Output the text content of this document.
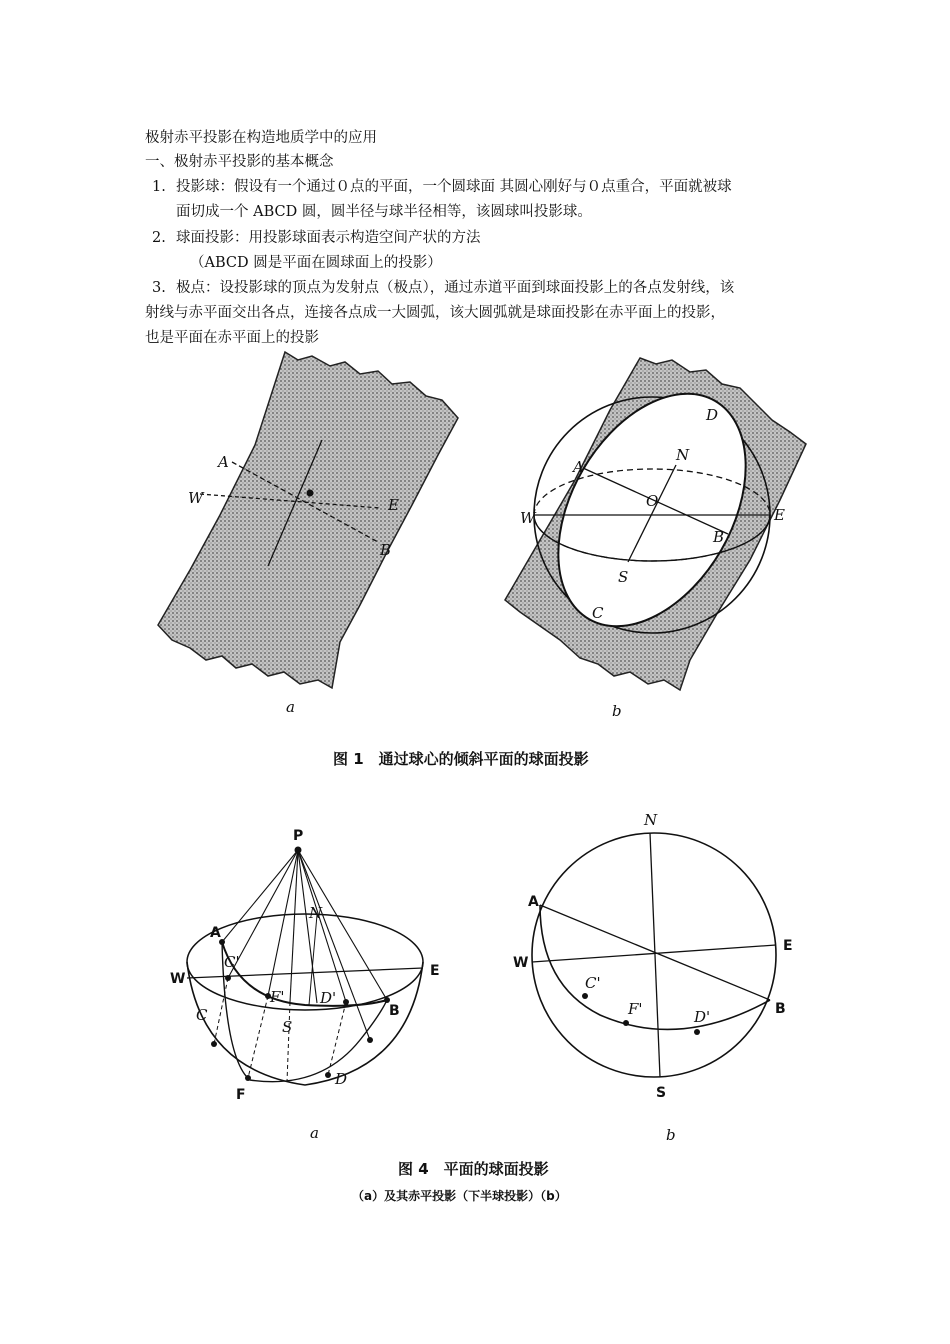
极射赤平投影在构造地质学中的应用
一、极射赤平投影的基本概念
1. 投影球：假设有一个通过０点的平面，一个圆球面 其圆心刚好与０点重合，平面就被球
面切成一个 ABCD 圆，圆半径与球半径相等，该圆球叫投影球。
2. 球面投影：用投影球面表示构造空间产状的方法
（ABCD 圆是平面在圆球面上的投影）
3. 极点：设投影球的顶点为发射点（极点），通过赤道平面到球面投影上的各点发射线，该
射线与赤平面交出各点，连接各点成一大圆弧，该大圆弧就是球面投影在赤平面上的投影，
也是平面在赤平面上的投影
A
W	E
B
a
D
N
A
O
W	E
B
S
C
b
图 1　通过球心的倾斜平面的球面投影
P
N
A
C'
W	E
F' D'
B
C
S
F
D
a
N
A
E
W
C'
F'	D'	B
S
b
图 4　平面的球面投影
（a）及其赤平投影（下半球投影）（b）
